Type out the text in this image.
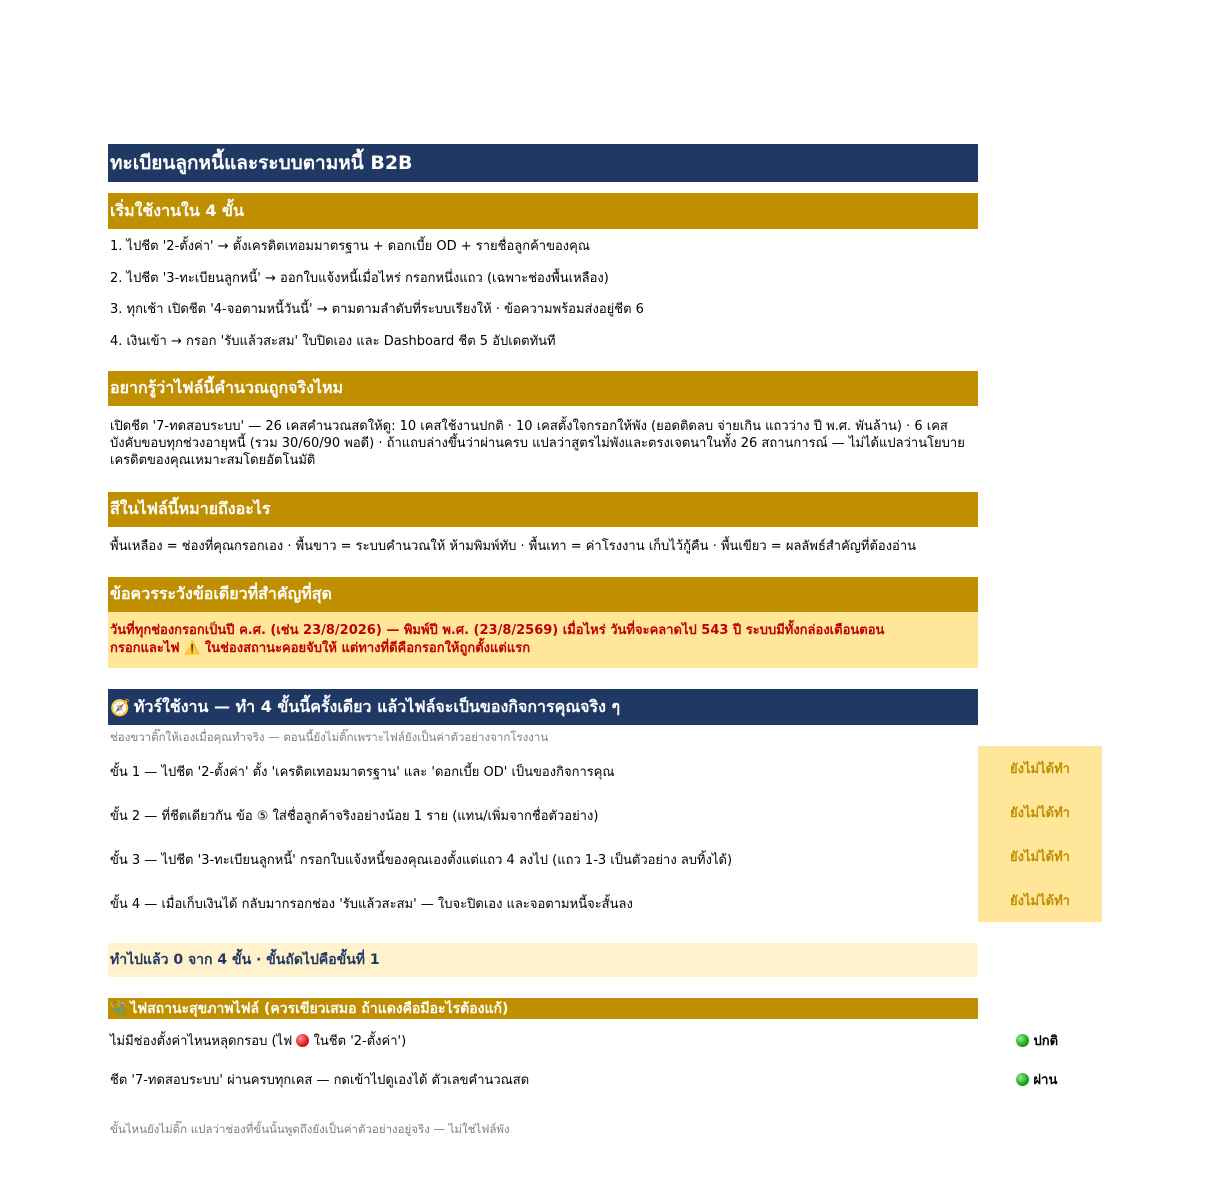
ทะเบียนลูกหนี้และระบบตามหนี้ B2B
เริ่มใช้งานใน 4 ขั้น
1. ไปชีต '2-ตั้งค่า' → ตั้งเครดิตเทอมมาตรฐาน + ดอกเบี้ย OD + รายชื่อลูกค้าของคุณ
2. ไปชีต '3-ทะเบียนลูกหนี้' → ออกใบแจ้งหนี้เมื่อไหร่ กรอกหนึ่งแถว (เฉพาะช่องพื้นเหลือง)
3. ทุกเช้า เปิดชีต '4-จอตามหนี้วันนี้' → ตามตามลำดับที่ระบบเรียงให้ · ข้อความพร้อมส่งอยู่ชีต 6
4. เงินเข้า → กรอก 'รับแล้วสะสม' ใบปิดเอง และ Dashboard ชีต 5 อัปเดตทันที
อยากรู้ว่าไฟล์นี้คำนวณถูกจริงไหม
เปิดชีต '7-ทดสอบระบบ' — 26 เคสคำนวณสดให้ดู: 10 เคสใช้งานปกติ · 10 เคสตั้งใจกรอกให้พัง (ยอดติดลบ จ่ายเกิน แถวว่าง ปี พ.ศ. พันล้าน) · 6 เคสบังคับขอบทุกช่วงอายุหนี้ (รวม 30/60/90 พอดี) · ถ้าแถบล่างขึ้นว่าผ่านครบ แปลว่าสูตรไม่พังและตรงเจตนาในทั้ง 26 สถานการณ์ — ไม่ได้แปลว่านโยบายเครดิตของคุณเหมาะสมโดยอัตโนมัติ
สีในไฟล์นี้หมายถึงอะไร
พื้นเหลือง = ช่องที่คุณกรอกเอง · พื้นขาว = ระบบคำนวณให้ ห้ามพิมพ์ทับ · พื้นเทา = ค่าโรงงาน เก็บไว้กู้คืน · พื้นเขียว = ผลลัพธ์สำคัญที่ต้องอ่าน
ข้อควรระวังข้อเดียวที่สำคัญที่สุด
วันที่ทุกช่องกรอกเป็นปี ค.ศ. (เช่น 23/8/2026) — พิมพ์ปี พ.ศ. (23/8/2569) เมื่อไหร่ วันที่จะคลาดไป 543 ปี ระบบมีทั้งกล่องเตือนตอน
กรอกและไฟ ⚠️ ในช่องสถานะคอยจับให้ แต่ทางที่ดีคือกรอกให้ถูกตั้งแต่แรก
🧭 ทัวร์ใช้งาน — ทำ 4 ขั้นนี้ครั้งเดียว แล้วไฟล์จะเป็นของกิจการคุณจริง ๆ
ช่องขวาติ๊กให้เองเมื่อคุณทำจริง — ตอนนี้ยังไม่ติ๊กเพราะไฟล์ยังเป็นค่าตัวอย่างจากโรงงาน
ขั้น 1 — ไปชีต '2-ตั้งค่า' ตั้ง 'เครดิตเทอมมาตรฐาน' และ 'ดอกเบี้ย OD' เป็นของกิจการคุณ	ยังไม่ได้ทำ
ขั้น 2 — ที่ชีตเดียวกัน ข้อ ⑤ ใส่ชื่อลูกค้าจริงอย่างน้อย 1 ราย (แทน/เพิ่มจากชื่อตัวอย่าง)	ยังไม่ได้ทำ
ขั้น 3 — ไปชีต '3-ทะเบียนลูกหนี้' กรอกใบแจ้งหนี้ของคุณเองตั้งแต่แถว 4 ลงไป (แถว 1-3 เป็นตัวอย่าง ลบทิ้งได้)	ยังไม่ได้ทำ
ขั้น 4 — เมื่อเก็บเงินได้ กลับมากรอกช่อง 'รับแล้วสะสม' — ใบจะปิดเอง และจอตามหนี้จะสั้นลง	ยังไม่ได้ทำ
ทำไปแล้ว 0 จาก 4 ขั้น · ขั้นถัดไปคือขั้นที่ 1
🩺 ไฟสถานะสุขภาพไฟล์ (ควรเขียวเสมอ ถ้าแดงคือมีอะไรต้องแก้)
ไม่มีช่องตั้งค่าไหนหลุดกรอบ (ไฟ ในชีต '2-ตั้งค่า')	ปกติ
ชีต '7-ทดสอบระบบ' ผ่านครบทุกเคส — กดเข้าไปดูเองได้ ตัวเลขคำนวณสด	ผ่าน
ขั้นไหนยังไม่ติ๊ก แปลว่าช่องที่ขั้นนั้นพูดถึงยังเป็นค่าตัวอย่างอยู่จริง — ไม่ใช่ไฟล์พัง
